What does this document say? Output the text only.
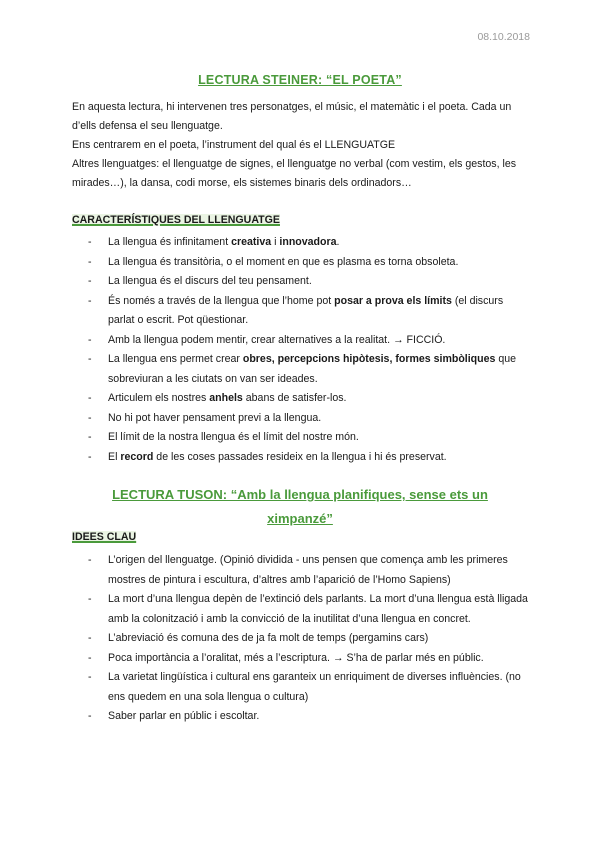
08.10.2018
LECTURA STEINER: “EL POETA”

En aquesta lectura, hi intervenen tres personatges, el músic, el matemàtic i el poeta. Cada un d’ells defensa el seu llenguatge.

Ens centrarem en el poeta, l’instrument del qual és el LLENGUATGE

Altres llenguatges: el llenguatge de signes, el llenguatge no verbal (com vestim, els gestos, les mirades…), la dansa, codi morse, els sistemes binaris dels ordinadors…

CARACTERÍSTIQUES DEL LLENGUATGE
- La llengua és infinitament creativa i innovadora.
- La llengua és transitòria, o el moment en que es plasma es torna obsoleta.
- La llengua és el discurs del teu pensament.
- És només a través de la llengua que l’home pot posar a prova els límits (el discurs parlat o escrit. Pot qüestionar.
- Amb la llengua podem mentir, crear alternatives a la realitat. → FICCIÓ.
- La llengua ens permet crear obres, percepcions hipòtesis, formes simbòliques que sobreviuran a les ciutats on van ser ideades.
- Articulem els nostres anhels abans de satisfer-los.
- No hi pot haver pensament previ a la llengua.
- El límit de la nostra llengua és el límit del nostre món.
- El record de les coses passades resideix en la llengua i hi és preservat.
LECTURA TUSON: “Amb la llengua planifiques, sense ets un
ximpanzé”
IDEES CLAU
- L’origen del llenguatge. (Opinió dividida - uns pensen que comença amb les primeres mostres de pintura i escultura, d’altres amb l’aparició de l’Homo Sapiens)
- La mort d’una llengua depèn de l’extinció dels parlants. La mort d’una llengua està lligada amb la colonització i amb la convicció de la inutilitat d’una llengua en concret.
- L’abreviació és comuna des de ja fa molt de temps (pergamins cars)
- Poca importància a l’oralitat, més a l’escriptura. → S’ha de parlar més en públic.
- La varietat lingüística i cultural ens garanteix un enriquiment de diverses influències. (no ens quedem en una sola llengua o cultura)
- Saber parlar en públic i escoltar.
